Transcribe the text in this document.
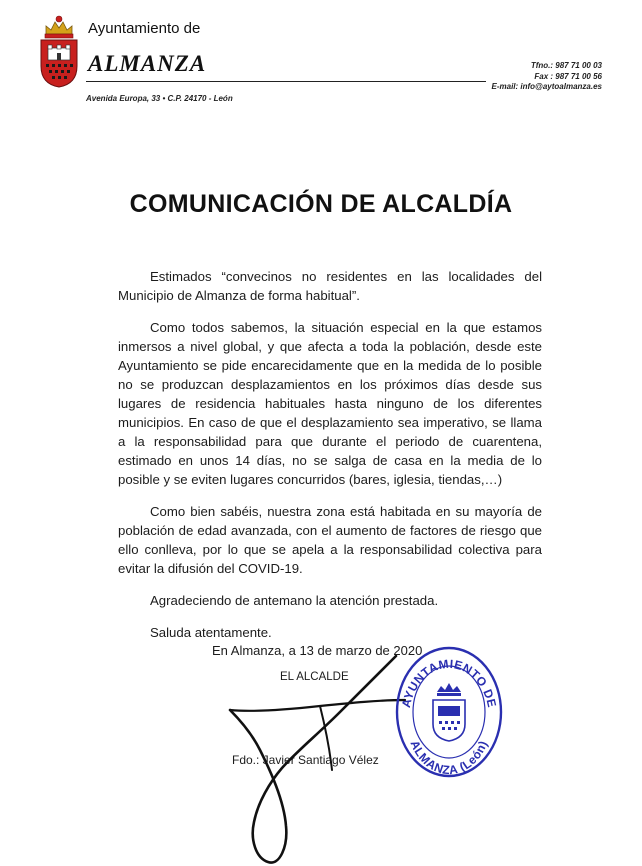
Ayuntamiento de
ALMANZA	Tfno.: 987 71 00 03
Fax : 987 71 00 56
E-mail: info@aytoalmanza.es
Avenida Europa, 33 • C.P. 24170 - León
COMUNICACIÓN DE ALCALDÍA

Estimados “convecinos no residentes en las localidades del Municipio de Almanza de forma habitual”.

Como todos sabemos, la situación especial en la que estamos inmersos a nivel global, y que afecta a toda la población, desde este Ayuntamiento se pide encarecidamente que en la medida de lo posible no se produzcan desplazamientos en los próximos días desde sus lugares de residencia habituales hasta ninguno de los diferentes municipios. En caso de que el desplazamiento sea imperativo, se llama a la responsabilidad para que durante el periodo de cuarentena, estimado en unos 14 días, no se salga de casa en la media de lo posible y se eviten lugares concurridos (bares, iglesia, tiendas,…)

Como bien sabéis, nuestra zona está habitada en su mayoría de población de edad avanzada, con el aumento de factores de riesgo que ello conlleva, por lo que se apela a la responsabilidad colectiva para evitar la difusión del COVID-19.

Agradeciendo de antemano la atención prestada.

Saluda atentamente.

En Almanza, a 13 de marzo de 2020
EL ALCALDE
Fdo.: Javier Santiago Vélez
AYUNTAMIENTO DE
ALMANZA (León)
